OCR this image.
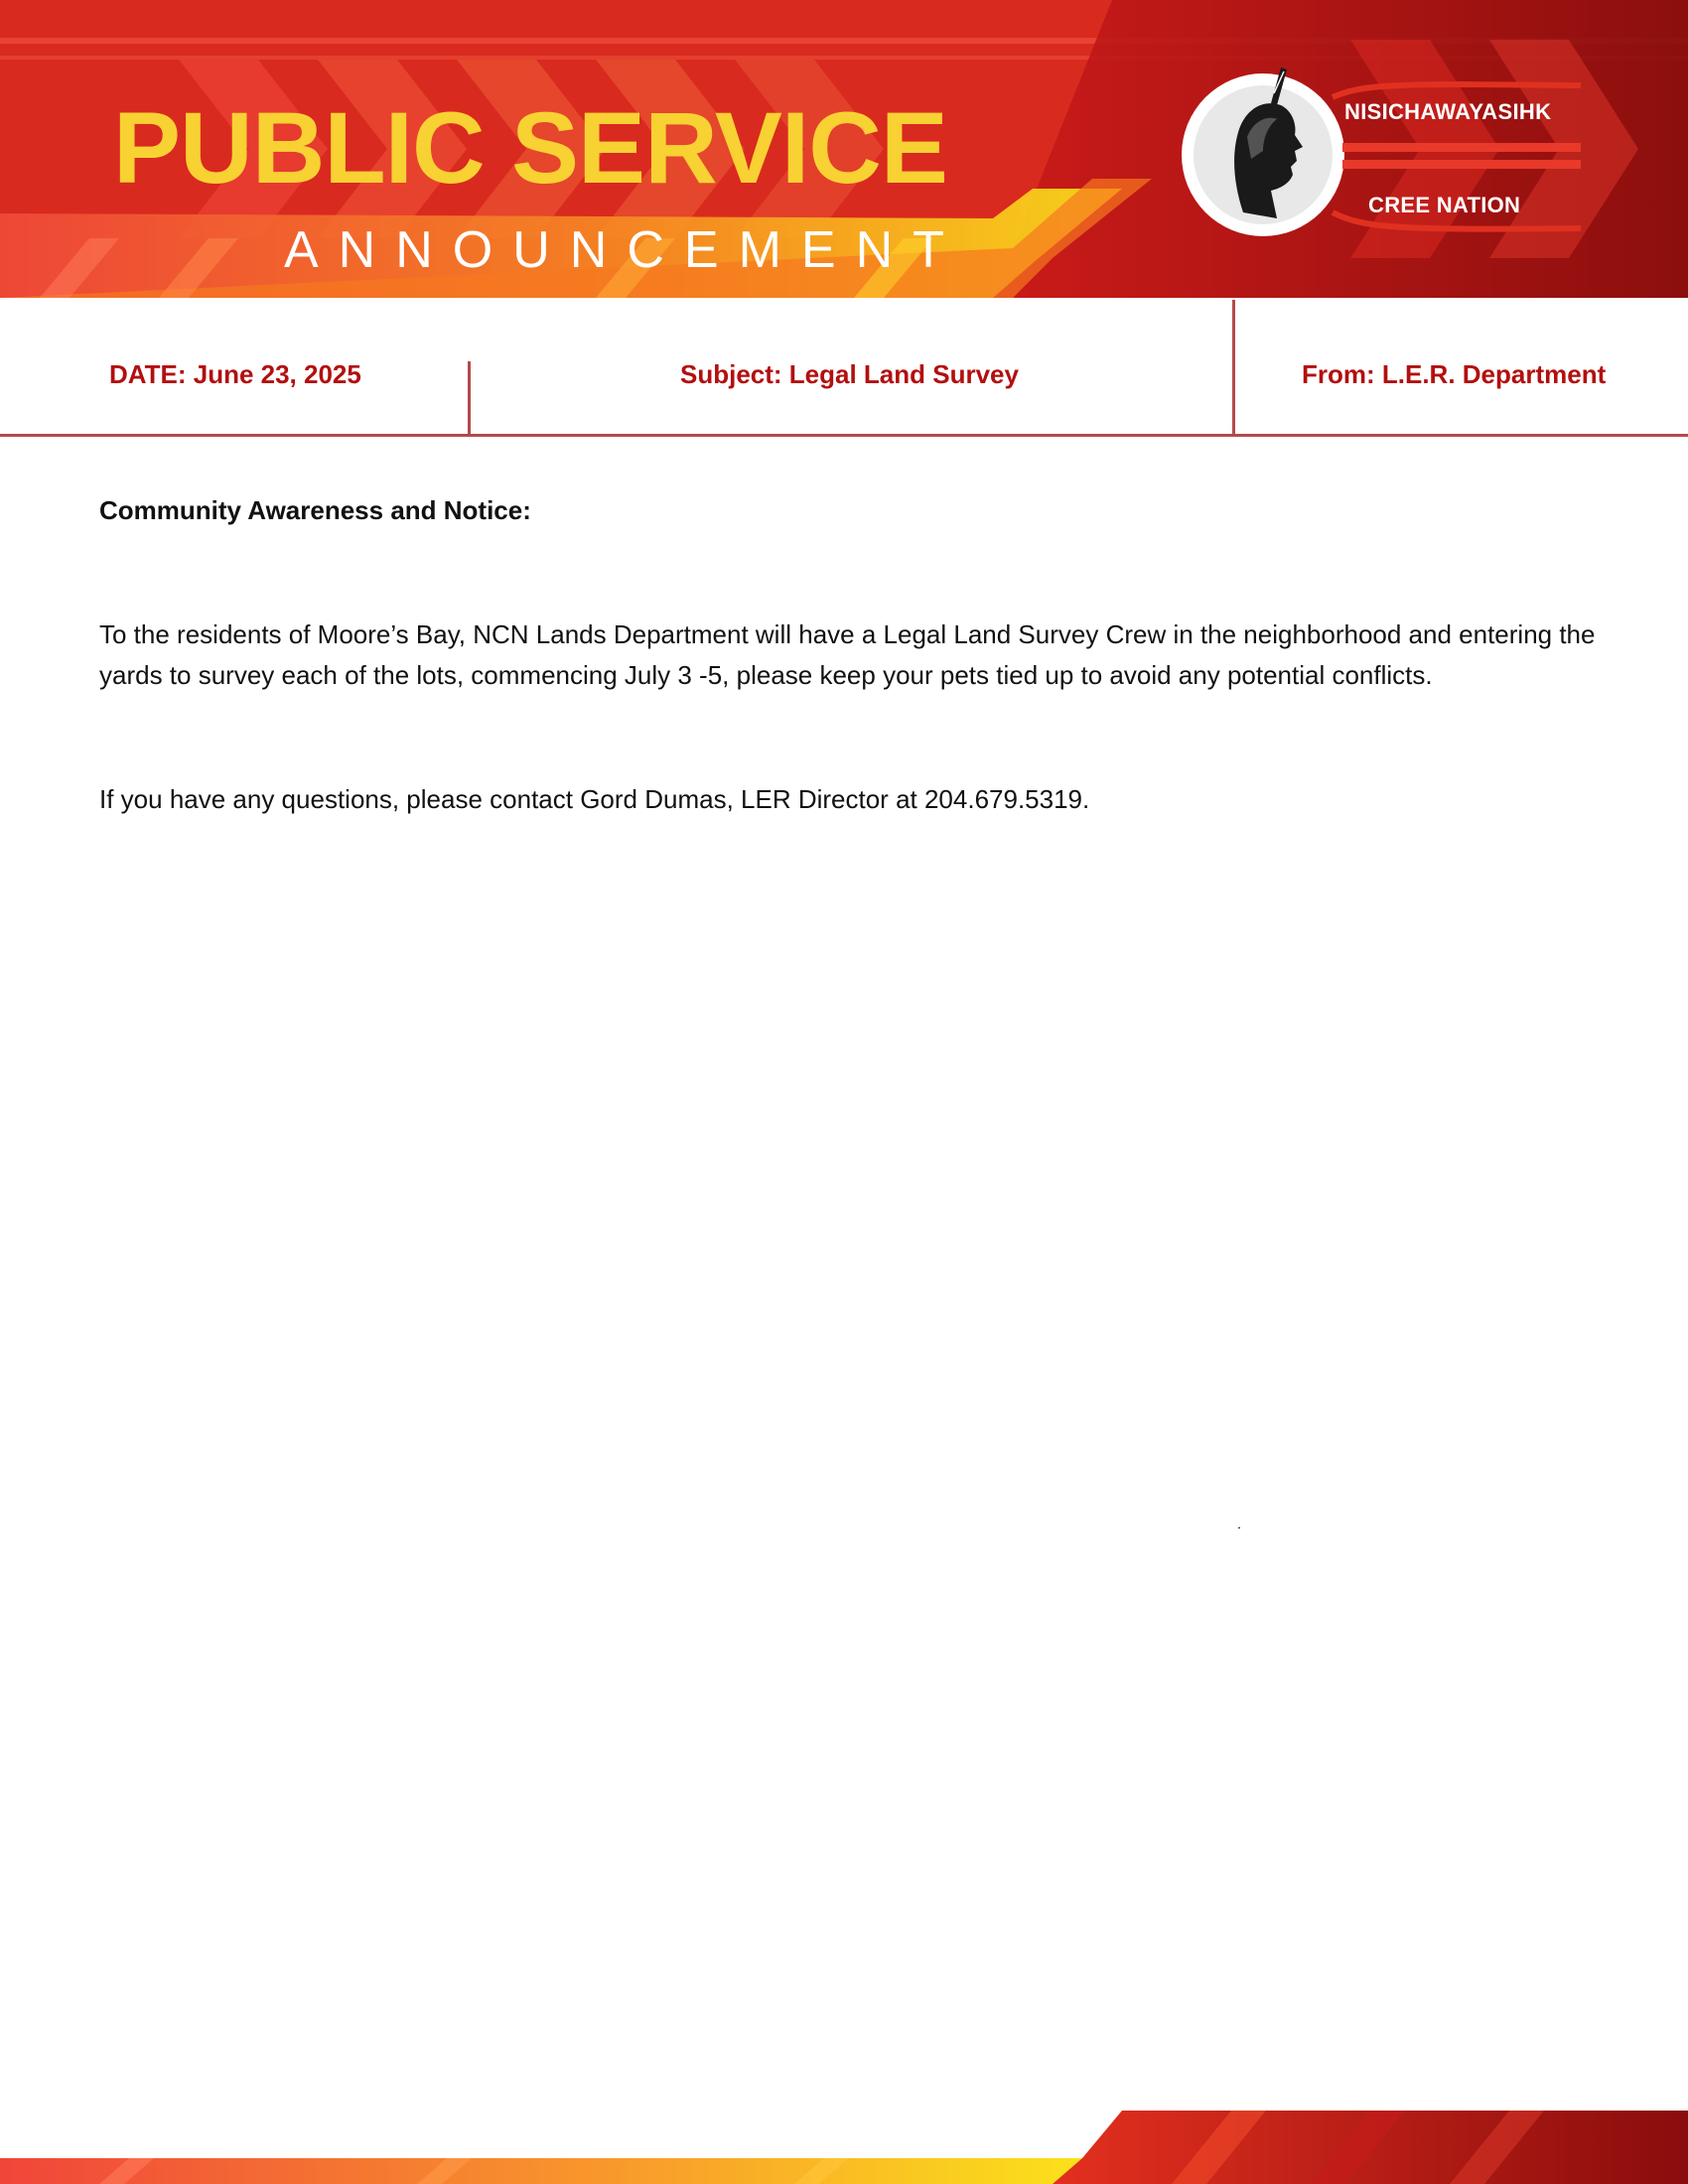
PUBLIC SERVICE
ANNOUNCEMENT
NISICHAWAYASIHK
CREE NATION
DATE: June 23, 2025	Subject: Legal Land Survey	From: L.E.R. Department
Community Awareness and Notice:

To the residents of Moore’s Bay, NCN Lands Department will have a Legal Land Survey Crew in the neighborhood and entering the yards to survey each of the lots, commencing July 3 -5, please keep your pets tied up to avoid any potential conflicts.

If you have any questions, please contact Gord Dumas, LER Director at 204.679.5319.
